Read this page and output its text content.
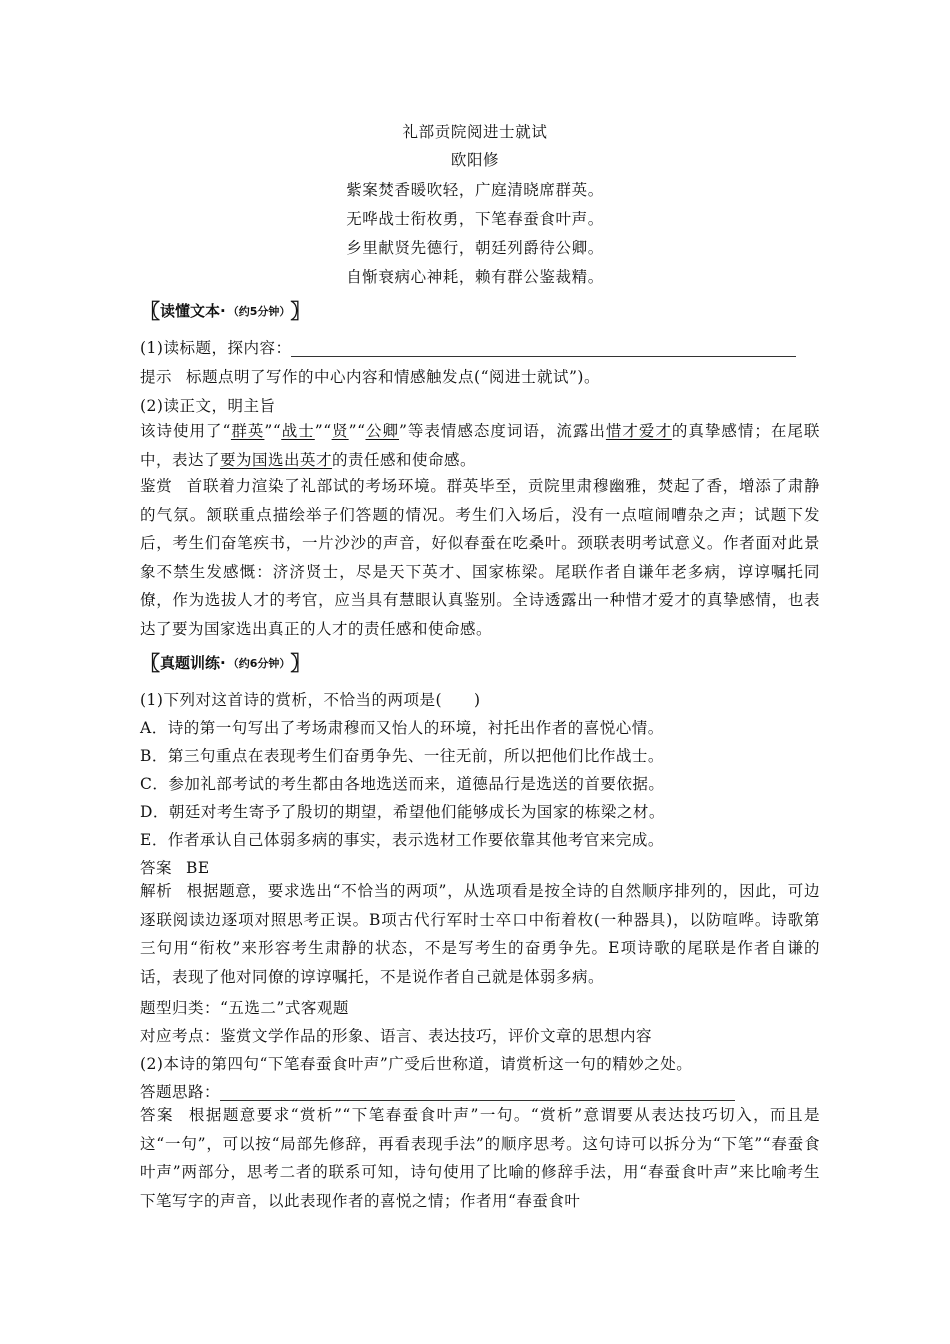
礼部贡院阅进士就试
欧阳修
紫案焚香暖吹轻，广庭清晓席群英。
无哗战士衔枚勇，下笔春蚕食叶声。
乡里献贤先德行，朝廷列爵待公卿。
自惭衰病心神耗，赖有群公鉴裁精。
〖 读懂文本 · （约5分钟） 〗
(1)读标题，探内容：
提示 标题点明了写作的中心内容和情感触发点(“阅进士就试”)。
(2)读正文，明主旨
该诗使用了“群英”“战士”“贤”“公卿”等表情感态度词语，流露出惜才爱才的真挚感情；在尾联中，表达了要为国选出英才的责任感和使命感。
鉴赏 首联着力渲染了礼部试的考场环境。群英毕至，贡院里肃穆幽雅，焚起了香，增添了肃静的气氛。颔联重点描绘举子们答题的情况。考生们入场后，没有一点喧闹嘈杂之声；试题下发后，考生们奋笔疾书，一片沙沙的声音，好似春蚕在吃桑叶。颈联表明考试意义。作者面对此景象不禁生发感慨：济济贤士，尽是天下英才、国家栋梁。尾联作者自谦年老多病，谆谆嘱托同僚，作为选拔人才的考官，应当具有慧眼认真鉴别。全诗透露出一种惜才爱才的真挚感情，也表达了要为国家选出真正的人才的责任感和使命感。
〖 真题训练 · （约6分钟） 〗
(1)下列对这首诗的赏析，不恰当的两项是(　　)
A．诗的第一句写出了考场肃穆而又怡人的环境，衬托出作者的喜悦心情。
B．第三句重点在表现考生们奋勇争先、一往无前，所以把他们比作战士。
C．参加礼部考试的考生都由各地选送而来，道德品行是选送的首要依据。
D．朝廷对考生寄予了殷切的期望，希望他们能够成长为国家的栋梁之材。
E．作者承认自己体弱多病的事实，表示选材工作要依靠其他考官来完成。
答案 BE
解析 根据题意，要求选出“不恰当的两项”，从选项看是按全诗的自然顺序排列的，因此，可边逐联阅读边逐项对照思考正误。B项古代行军时士卒口中衔着枚(一种器具)，以防喧哗。诗歌第三句用“衔枚”来形容考生肃静的状态，不是写考生的奋勇争先。E项诗歌的尾联是作者自谦的话，表现了他对同僚的谆谆嘱托，不是说作者自己就是体弱多病。
题型归类：“五选二”式客观题
对应考点：鉴赏文学作品的形象、语言、表达技巧，评价文章的思想内容
(2)本诗的第四句“下笔春蚕食叶声”广受后世称道，请赏析这一句的精妙之处。
答题思路：
答案 根据题意要求“赏析”“下笔春蚕食叶声”一句。“赏析”意谓要从表达技巧切入，而且是这“一句”，可以按“局部先修辞，再看表现手法”的顺序思考。这句诗可以拆分为“下笔”“春蚕食叶声”两部分，思考二者的联系可知，诗句使用了比喻的修辞手法，用“春蚕食叶声”来比喻考生下笔写字的声音，以此表现作者的喜悦之情；作者用“春蚕食叶
